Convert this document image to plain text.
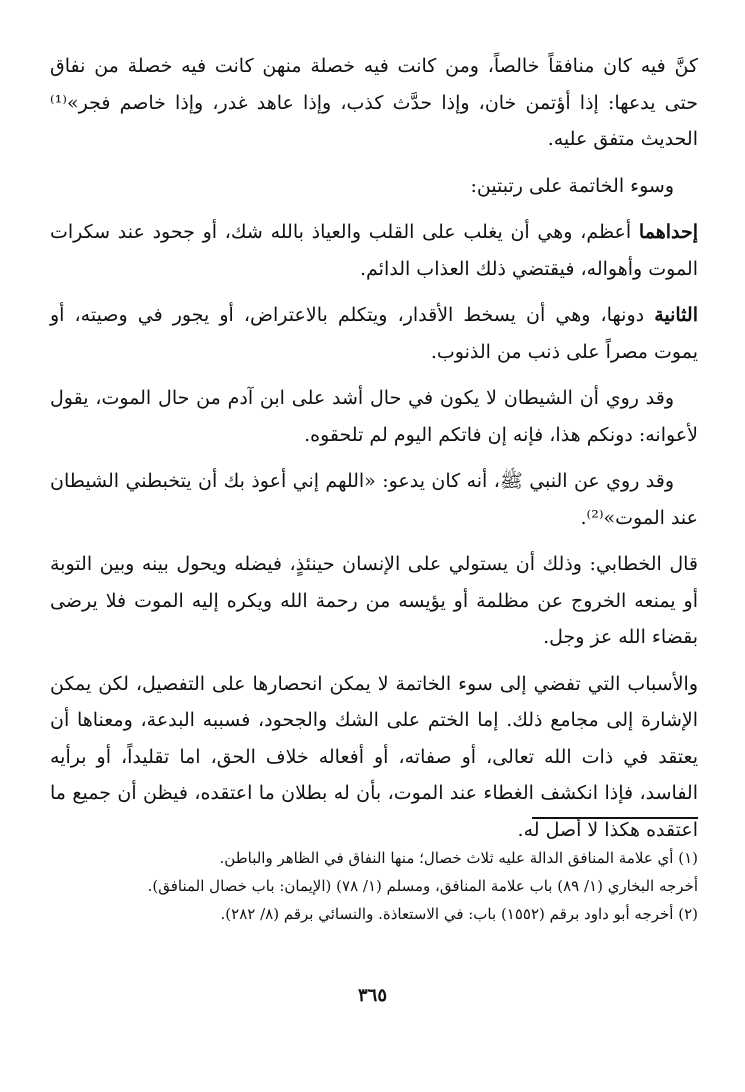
كنَّ فيه كان منافقاً خالصاً، ومن كانت فيه خصلة منهن كانت فيه خصلة من نفاق حتى يدعها: إذا أؤتمن خان، وإذا حدَّث كذب، وإذا عاهد غدر، وإذا خاصم فجر»⁽¹⁾ الحديث متفق عليه.

وسوء الخاتمة على رتبتين:

إحداهما أعظم، وهي أن يغلب على القلب والعياذ بالله شك، أو جحود عند سكرات الموت وأهواله، فيقتضي ذلك العذاب الدائم.

الثانية دونها، وهي أن يسخط الأقدار، ويتكلم بالاعتراض، أو يجور في وصيته، أو يموت مصراً على ذنب من الذنوب.

وقد روي أن الشيطان لا يكون في حال أشد على ابن آدم من حال الموت، يقول لأعوانه: دونكم هذا، فإنه إن فاتكم اليوم لم تلحقوه.

وقد روي عن النبي ﷺ، أنه كان يدعو: «اللهم إني أعوذ بك أن يتخبطني الشيطان عند الموت»⁽²⁾.

قال الخطابي: وذلك أن يستولي على الإنسان حينئذٍ، فيضله ويحول بينه وبين التوبة أو يمنعه الخروج عن مظلمة أو يؤيسه من رحمة الله ويكره إليه الموت فلا يرضى بقضاء الله عز وجل.

والأسباب التي تفضي إلى سوء الخاتمة لا يمكن انحصارها على التفصيل، لكن يمكن الإشارة إلى مجامع ذلك. إما الختم على الشك والجحود، فسببه البدعة، ومعناها أن يعتقد في ذات الله تعالى، أو صفاته، أو أفعاله خلاف الحق، اما تقليداً، أو برأيه الفاسد، فإذا انكشف الغطاء عند الموت، بأن له بطلان ما اعتقده، فيظن أن جميع ما اعتقده هكذا لا أصل له.

(١) أي علامة المنافق الدالة عليه ثلاث خصال؛ منها النفاق في الظاهر والباطن.

أخرجه البخاري (١/ ٨٩) باب علامة المنافق، ومسلم (١/ ٧٨) (الإيمان: باب خصال المنافق).

(٢) أخرجه أبو داود برقم (١٥٥٢) باب: في الاستعاذة. والنسائي برقم (٨/ ٢٨٢).

٣٦٥
